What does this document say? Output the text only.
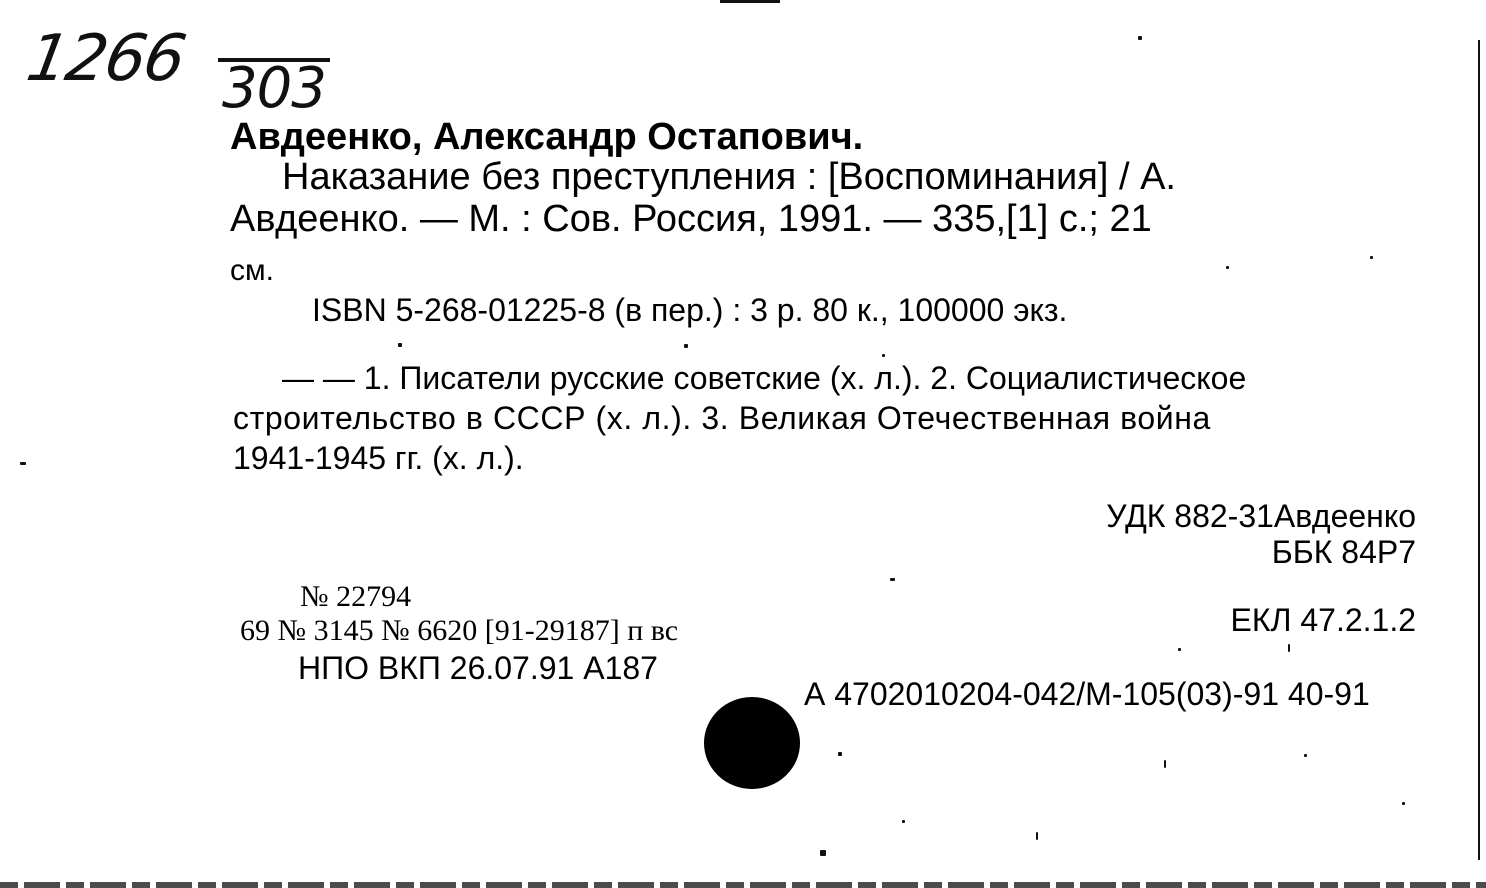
1266 303
Авдеенко, Александр Остапович.
Наказание без преступления : [Воспоминания] / А.
Авдеенко. — М. : Сов. Россия, 1991. — 335,[1] с.; 21
см.
ISBN 5-268-01225-8 (в пер.) : 3 р. 80 к., 100000 экз.
— — 1. Писатели русские советские (х. л.). 2. Социалистическое
строительство в СССР (х. л.). 3. Великая Отечественная война
1941-1945 гг. (х. л.).
УДК 882-31Авдеенко
ББК 84Р7
№ 22794
69 № 3145 № 6620 [91-29187] п вс
НПО ВКП 26.07.91 А187
ЕКЛ 47.2.1.2
А 4702010204-042/М-105(03)-91 40-91
